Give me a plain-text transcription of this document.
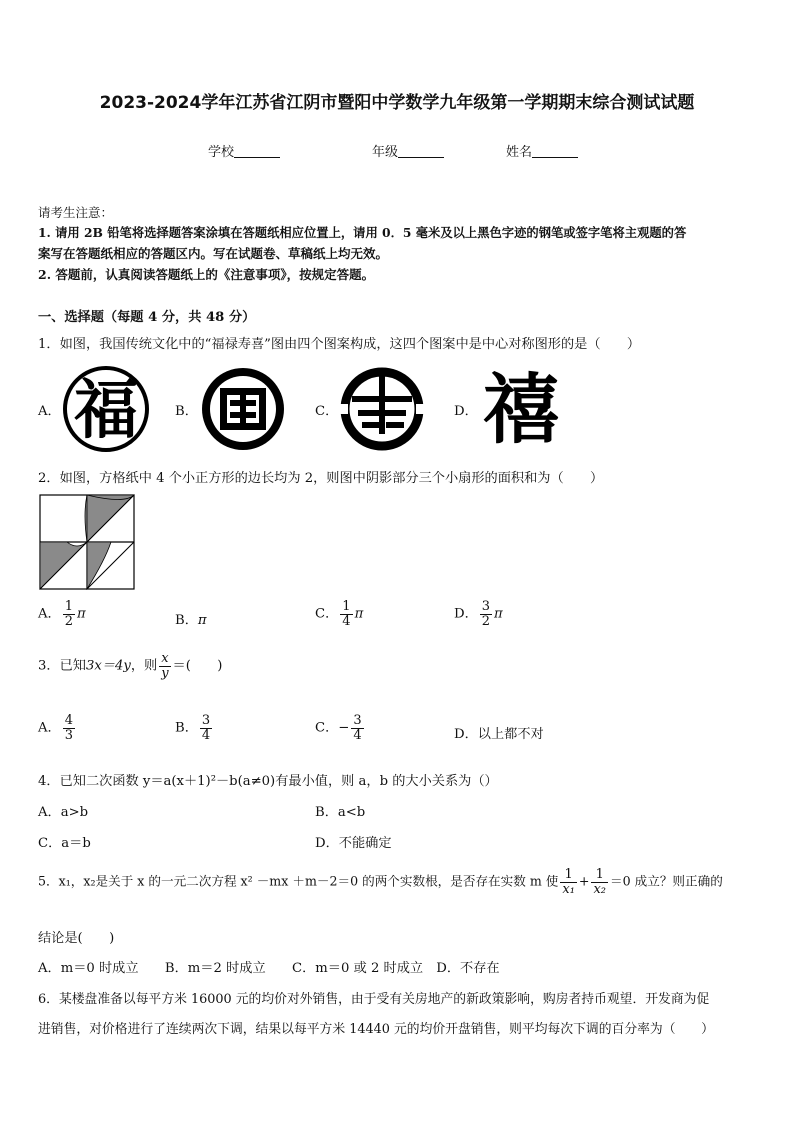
2023-2024学年江苏省江阴市暨阳中学数学九年级第一学期期末综合测试试题
学校	年级	姓名
请考生注意：
1. 请用 2B 铅笔将选择题答案涂填在答题纸相应位置上，请用 0．5 毫米及以上黑色字迹的钢笔或签字笔将主观题的答
案写在答题纸相应的答题区内。写在试题卷、草稿纸上均无效。
2. 答题前，认真阅读答题纸上的《注意事项》，按规定答题。
一、选择题（每题 4 分，共 48 分）
1．如图，我国传统文化中的“福禄寿喜”图由四个图案构成，这四个图案中是中心对称图形的是（　　）
A．	B．	C．	D．
福	禧
2．如图，方格纸中 4 个小正方形的边长均为 2，则图中阴影部分三个小扇形的面积和为（　　）
A． $\frac{1}{2}$ π	B．π	C． $\frac{1}{4}$ π	D． $\frac{3}{2}$ π
3．已知3x＝4y，则 $\frac{x}{y}$ ＝(　　)
A． $\frac{4}{3}$	B． $\frac{3}{4}$	C．− $\frac{3}{4}$	D．以上都不对
4．已知二次函数 y＝a(x＋1)²－b(a≠0)有最小值，则 a，b 的大小关系为（）
A．a>b	B．a<b
C．a＝b	D．不能确定
5．x₁，x₂是关于 x 的一元二次方程 x² －mx ＋m－2＝0 的两个实数根，是否存在实数 m 使 $\frac{1}{\text{x₁}} + \frac{1}{\text{x₂}} =0$ 成立？则正确的
结论是(　　)
A．m＝0 时成立　　B．m＝2 时成立　　C．m＝0 或 2 时成立　D．不存在
6．某楼盘准备以每平方米 16000 元的均价对外销售，由于受有关房地产的新政策影响，购房者持币观望．开发商为促
进销售，对价格进行了连续两次下调，结果以每平方米 14440 元的均价开盘销售，则平均每次下调的百分率为（　　）
